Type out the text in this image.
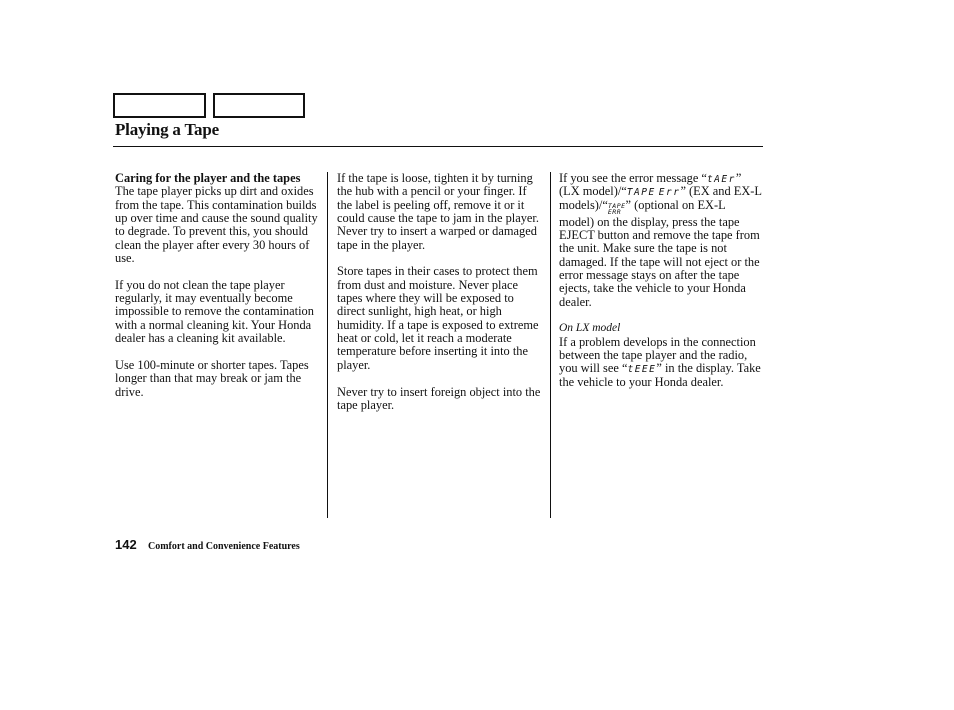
Playing a Tape

Caring for the player and the tapes

The tape player picks up dirt and oxides from the tape. This contamination builds up over time and cause the sound quality to degrade. To prevent this, you should clean the player after every 30 hours of use.

If you do not clean the tape player regularly, it may eventually become impossible to remove the contamination with a normal cleaning kit. Your Honda dealer has a cleaning kit available.

Use 100-minute or shorter tapes. Tapes longer than that may break or jam the drive.

If the tape is loose, tighten it by turning the hub with a pencil or your finger. If the label is peeling off, remove it or it could cause the tape to jam in the player. Never try to insert a warped or damaged tape in the player.

Store tapes in their cases to protect them from dust and moisture. Never place tapes where they will be exposed to direct sunlight, high heat, or high humidity. If a tape is exposed to extreme heat or cold, let it reach a moderate temperature before inserting it into the player.

Never try to insert foreign object into the tape player.

If you see the error message “tAEr” (LX model)/“TAPE Err” (EX and EX-L models)/“ TAPE
ERR
” (optional on EX-L model) on the display, press the tape EJECT button and remove the tape from the unit. Make sure the tape is not damaged. If the tape will not eject or the error message stays on after the tape ejects, take the vehicle to your Honda dealer.

On LX model

If a problem develops in the connection between the tape player and the radio, you will see “tEEE” in the display. Take the vehicle to your Honda dealer.

142 Comfort and Convenience Features
